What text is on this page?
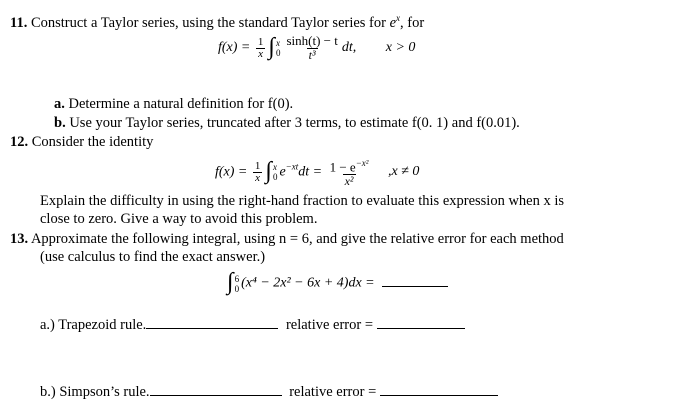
11. Construct a Taylor series, using the standard Taylor series for $e^x$, for
$f(x) = \frac{1}{x}$ ∫ x
$0 \frac{\sinh(t) - t}{\text{t³}}$ dt, x > 0
a. Determine a natural definition for f(0).
b. Use your Taylor series, truncated after 3 terms, to estimate f(0. 1) and f(0.01).
12. Consider the identity
$f(x) = \frac{1}{x}$ ∫ x
0 $e^{-xt}dt = \frac{1 - e^{-x^2}}{\text{x²}} ,x \ne 0$
Explain the difficulty in using the right-hand fraction to evaluate this expression when x is
close to zero. Give a way to avoid this problem.
13. Approximate the following integral, using n = 6, and give the relative error for each method
(use calculus to find the exact answer.)
∫ 6
0 (x⁴ − 2x² − 6x + 4)dx =
a.) Trapezoid rule.	relative error =
b.) Simpson’s rule.	relative error =
